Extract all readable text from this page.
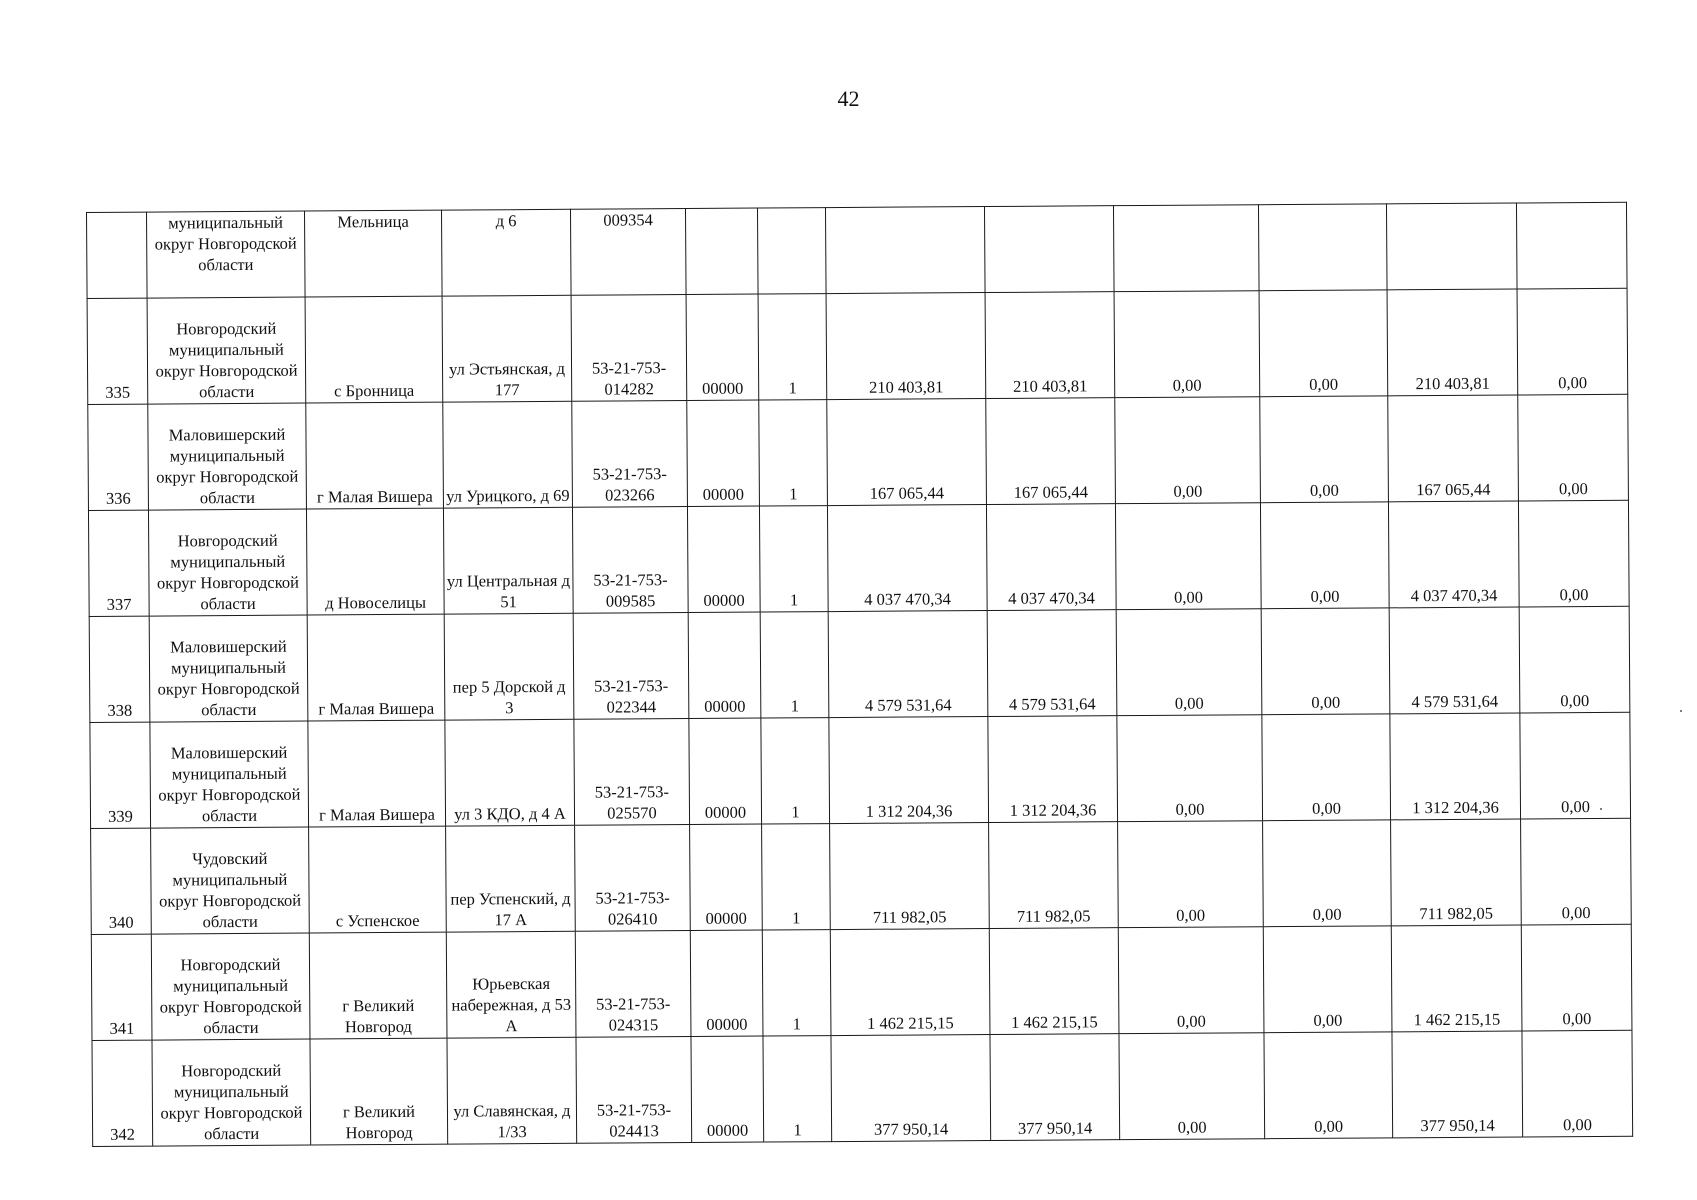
42
	муниципальный округ Новгородской области	Мельница	д 6	009354								
335	Новгородский муниципальный округ Новгородской области	с Бронница	ул Эстьянская, д 177	53-21-753-014282	00000	1	210 403,81	210 403,81	0,00	0,00	210 403,81	0,00
336	Маловишерский муниципальный округ Новгородской области	г Малая Вишера	ул Урицкого, д 69	53-21-753-023266	00000	1	167 065,44	167 065,44	0,00	0,00	167 065,44	0,00
337	Новгородский муниципальный округ Новгородской области	д Новоселицы	ул Центральная д 51	53-21-753-009585	00000	1	4 037 470,34	4 037 470,34	0,00	0,00	4 037 470,34	0,00
338	Маловишерский муниципальный округ Новгородской области	г Малая Вишера	пер 5 Дорской д 3	53-21-753-022344	00000	1	4 579 531,64	4 579 531,64	0,00	0,00	4 579 531,64	0,00
339	Маловишерский муниципальный округ Новгородской области	г Малая Вишера	ул 3 КДО, д 4 А	53-21-753-025570	00000	1	1 312 204,36	1 312 204,36	0,00	0,00	1 312 204,36	0,00
340	Чудовский муниципальный округ Новгородской области	с Успенское	пер Успенский, д 17 А	53-21-753-026410	00000	1	711 982,05	711 982,05	0,00	0,00	711 982,05	0,00
341	Новгородский муниципальный округ Новгородской области	г Великий Новгород	Юрьевская набережная, д 53 А	53-21-753-024315	00000	1	1 462 215,15	1 462 215,15	0,00	0,00	1 462 215,15	0,00
342	Новгородский муниципальный округ Новгородской области	г Великий Новгород	ул Славянская, д 1/33	53-21-753-024413	00000	1	377 950,14	377 950,14	0,00	0,00	377 950,14	0,00
